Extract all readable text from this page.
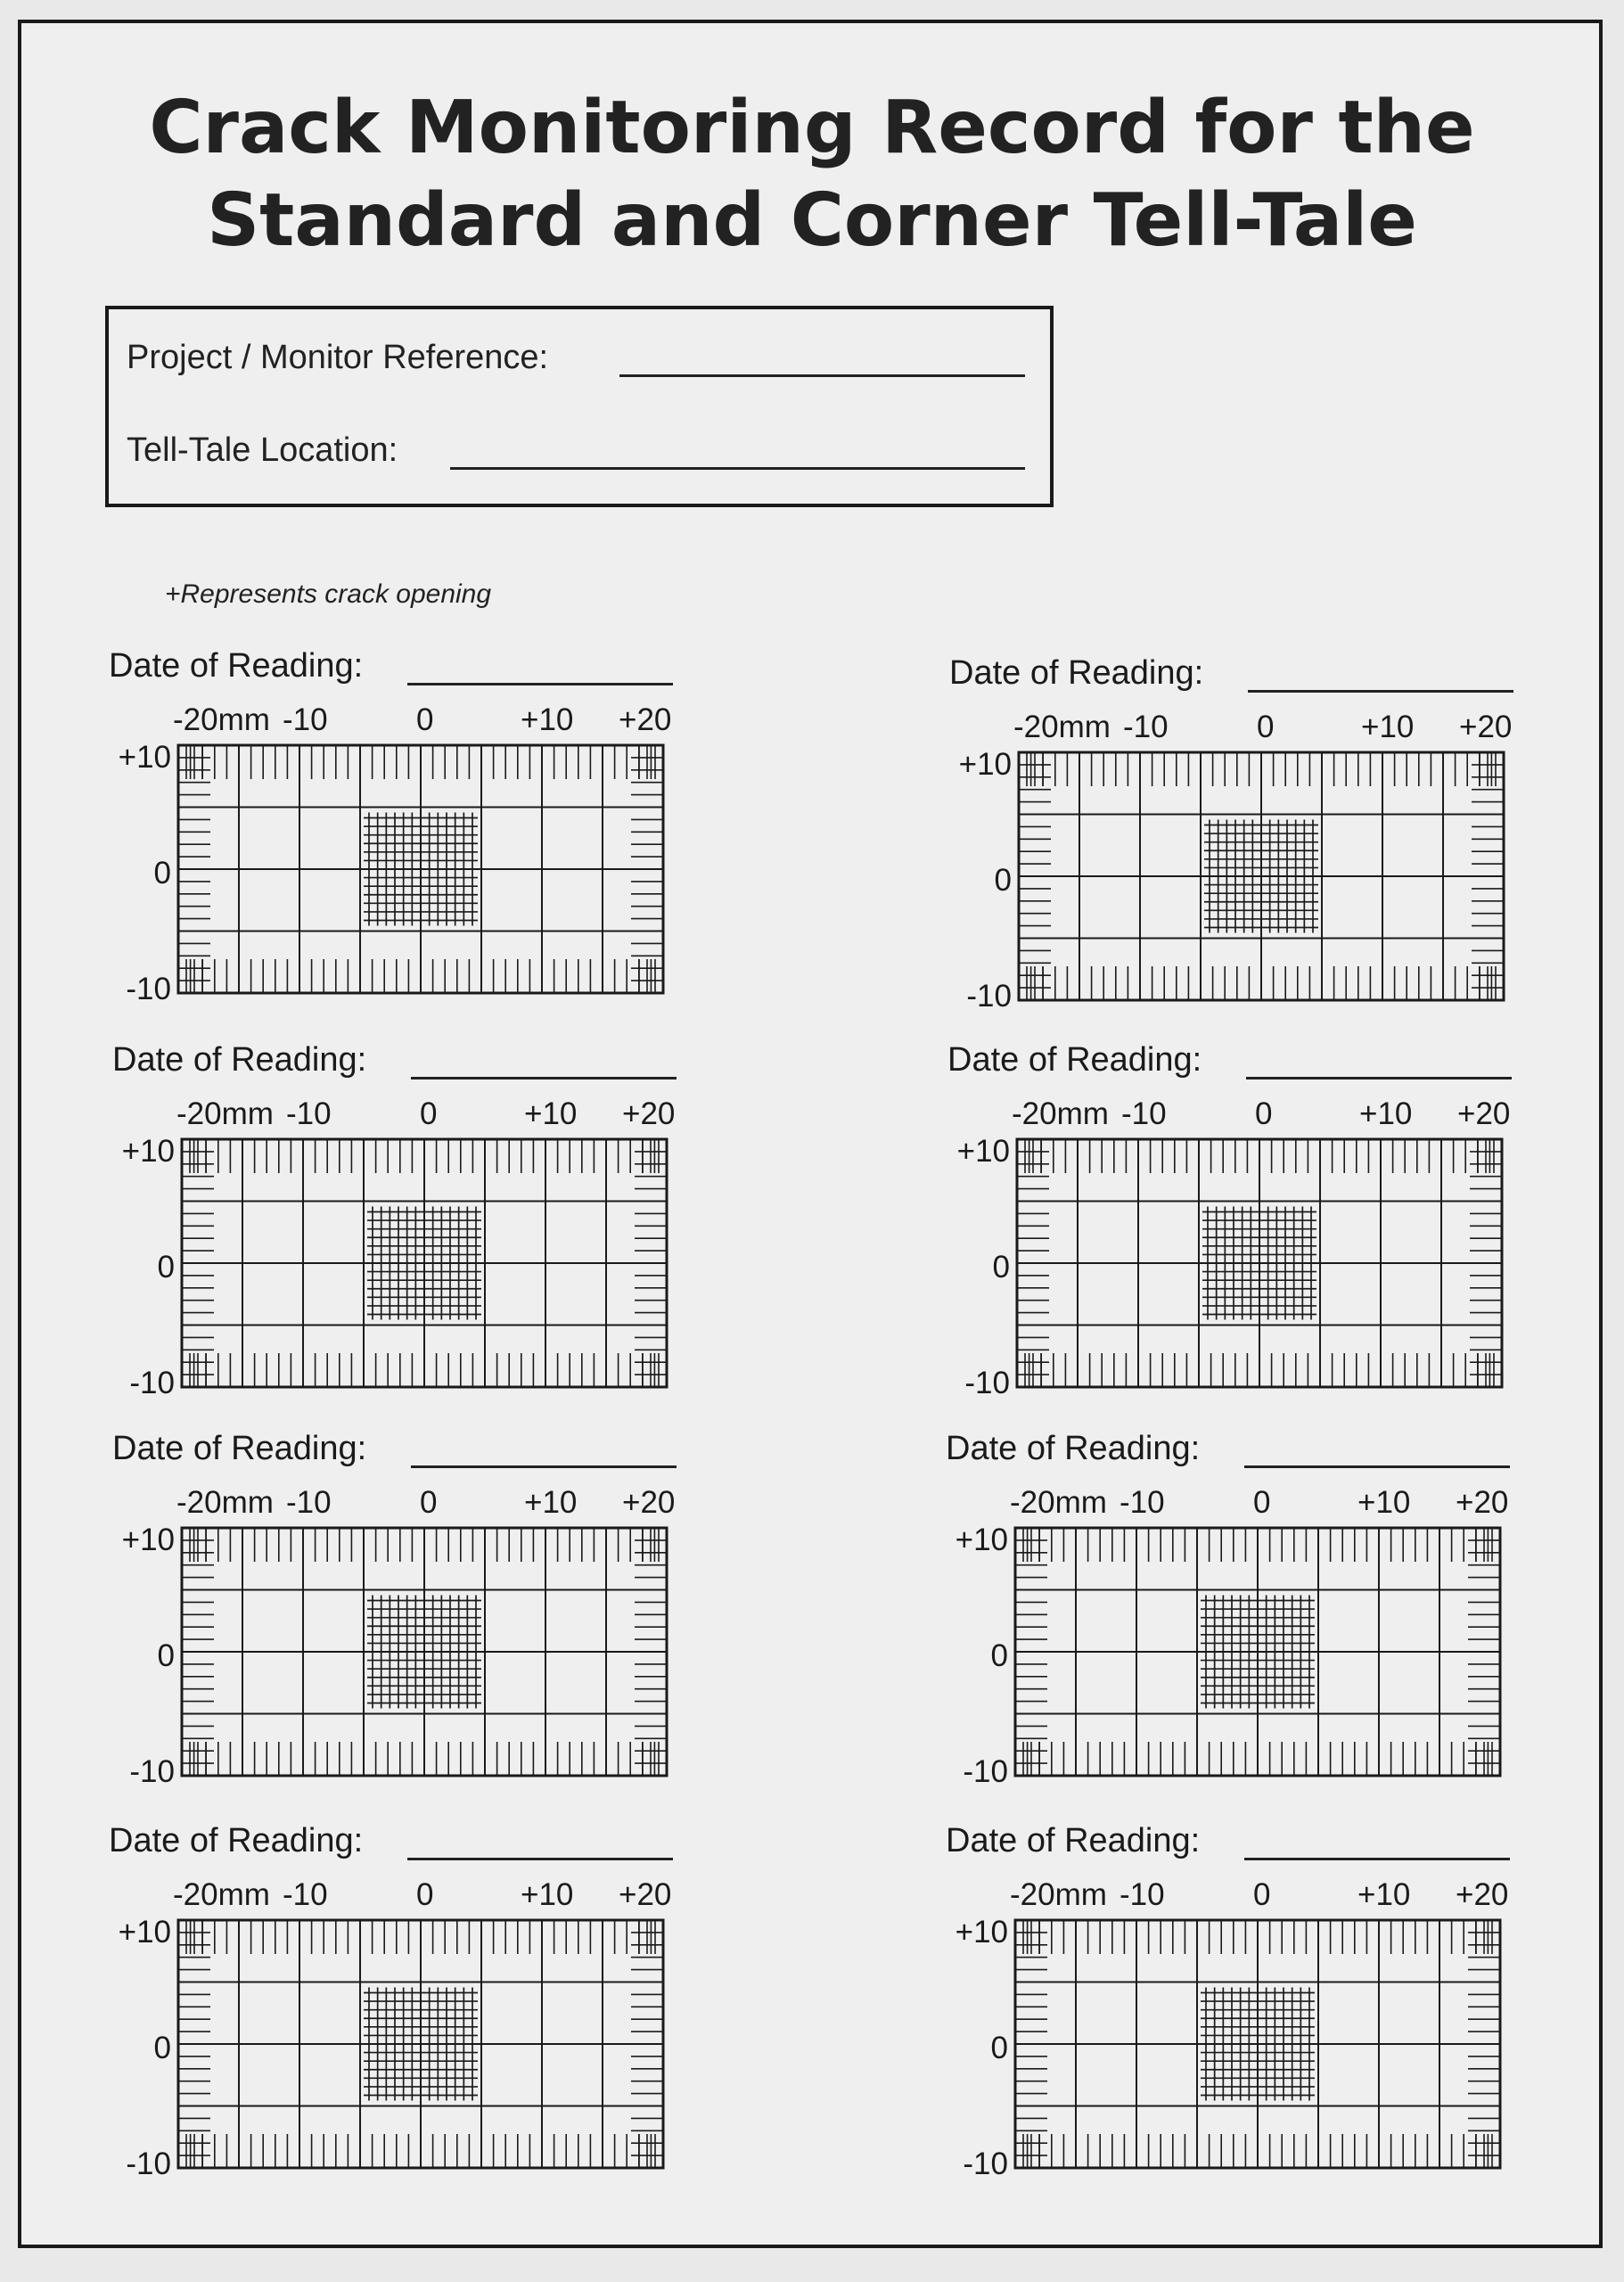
Crack Monitoring Record for the
Standard and Corner Tell-Tale
Project / Monitor Reference:
Tell-Tale Location:
+Represents crack opening
Date of Reading:
-20mm -10	0	+10 +20
+10
0
-10
Date of Reading:
-20mm -10	0	+10 +20
+10
0
-10
Date of Reading:
-20mm -10	0	+10 +20
+10
0
-10
Date of Reading:
-20mm -10	0	+10 +20
+10
0
-10
Date of Reading:
-20mm -10	0	+10 +20
+10
0
-10
Date of Reading:
-20mm -10	0	+10 +20
+10
0
-10
Date of Reading:
-20mm -10	0	+10 +20
+10
0
-10
Date of Reading:
-20mm -10	0	+10 +20
+10
0
-10
